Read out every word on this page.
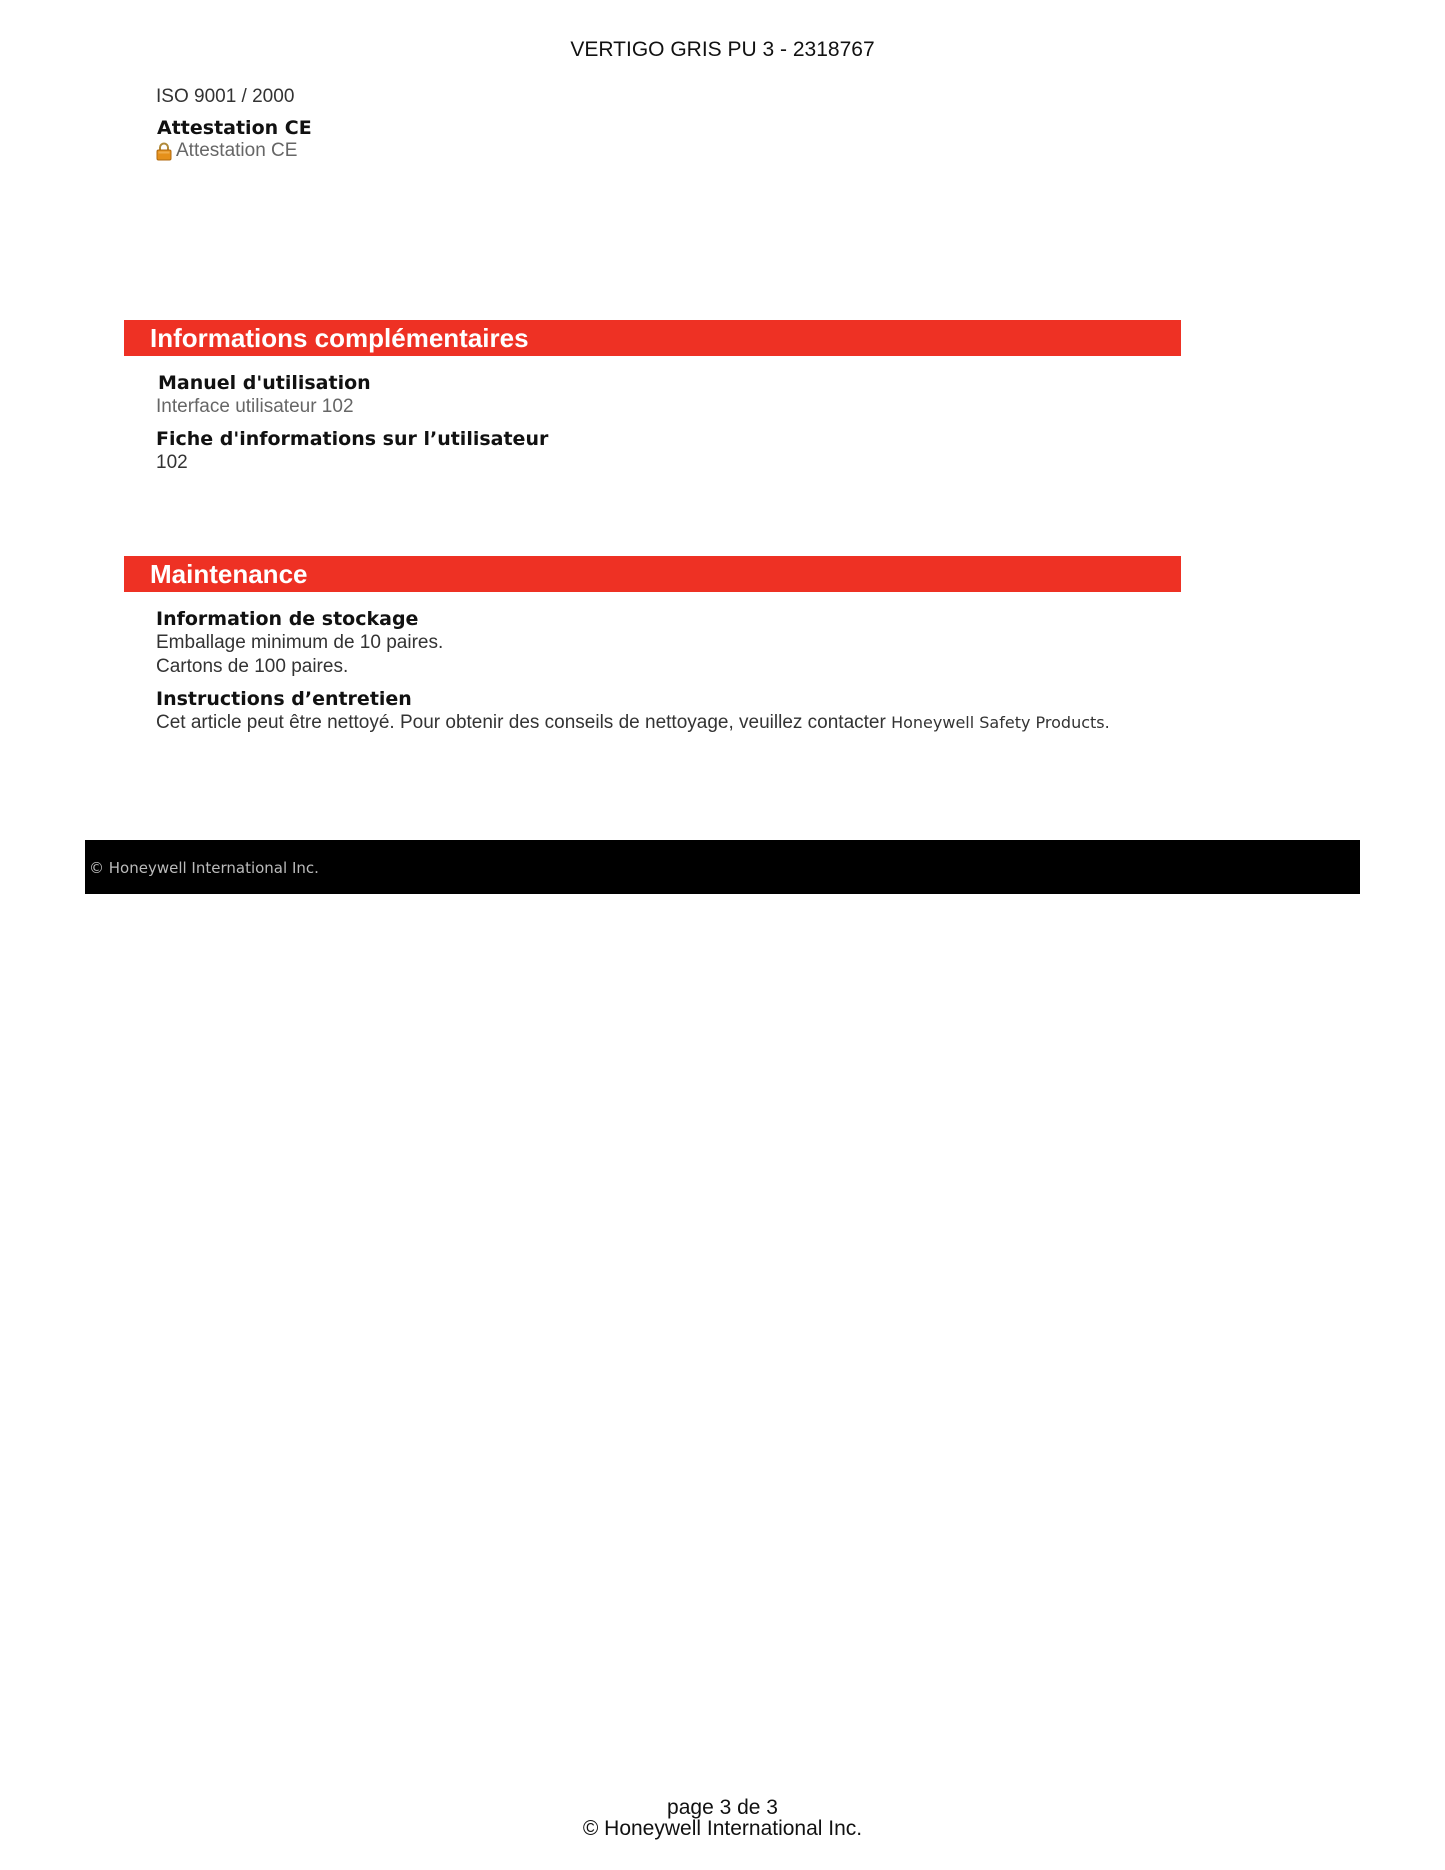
VERTIGO GRIS PU 3 - 2318767
ISO 9001 / 2000
Attestation CE
Attestation CE
Informations complémentaires
Manuel d'utilisation
Interface utilisateur 102
Fiche d'informations sur l’utilisateur
102
Maintenance
Information de stockage
Emballage minimum de 10 paires.
Cartons de 100 paires.
Instructions d’entretien
Cet article peut être nettoyé. Pour obtenir des conseils de nettoyage, veuillez contacter Honeywell Safety Products.
© Honeywell International Inc.
page 3 de 3
© Honeywell International Inc.
